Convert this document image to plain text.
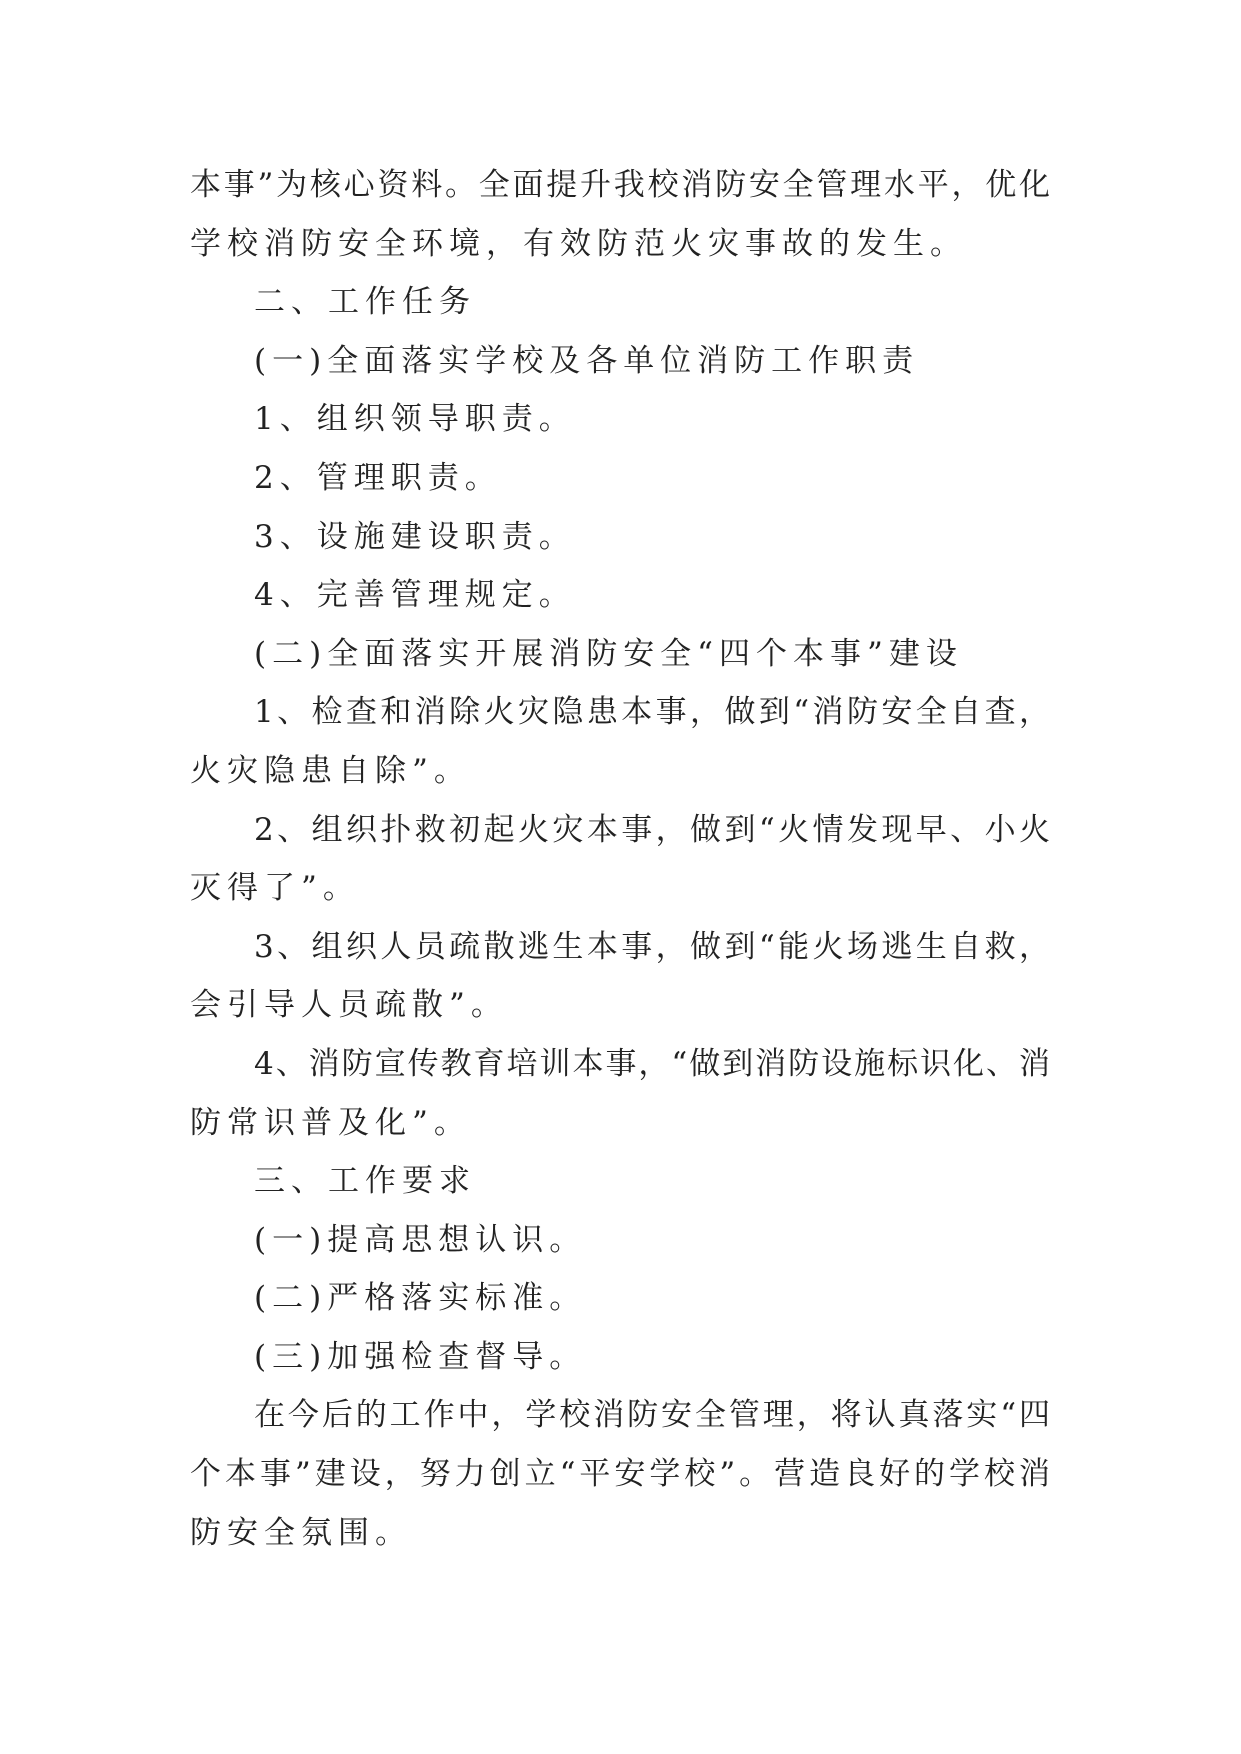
本事”为核心资料。全面提升我校消防安全管理水平，优化
学校消防安全环境，有效防范火灾事故的发生。
二、工作任务
(一)全面落实学校及各单位消防工作职责
1、组织领导职责。
2、管理职责。
3、设施建设职责。
4、完善管理规定。
(二)全面落实开展消防安全“四个本事”建设
1、检查和消除火灾隐患本事，做到“消防安全自查，
火灾隐患自除”。
2、组织扑救初起火灾本事，做到“火情发现早、小火
灭得了”。
3、组织人员疏散逃生本事，做到“能火场逃生自救，
会引导人员疏散”。
4、消防宣传教育培训本事，“做到消防设施标识化、消
防常识普及化”。
三、工作要求
(一)提高思想认识。
(二)严格落实标准。
(三)加强检查督导。
在今后的工作中，学校消防安全管理，将认真落实“四
个本事”建设，努力创立“平安学校”。营造良好的学校消
防安全氛围。
